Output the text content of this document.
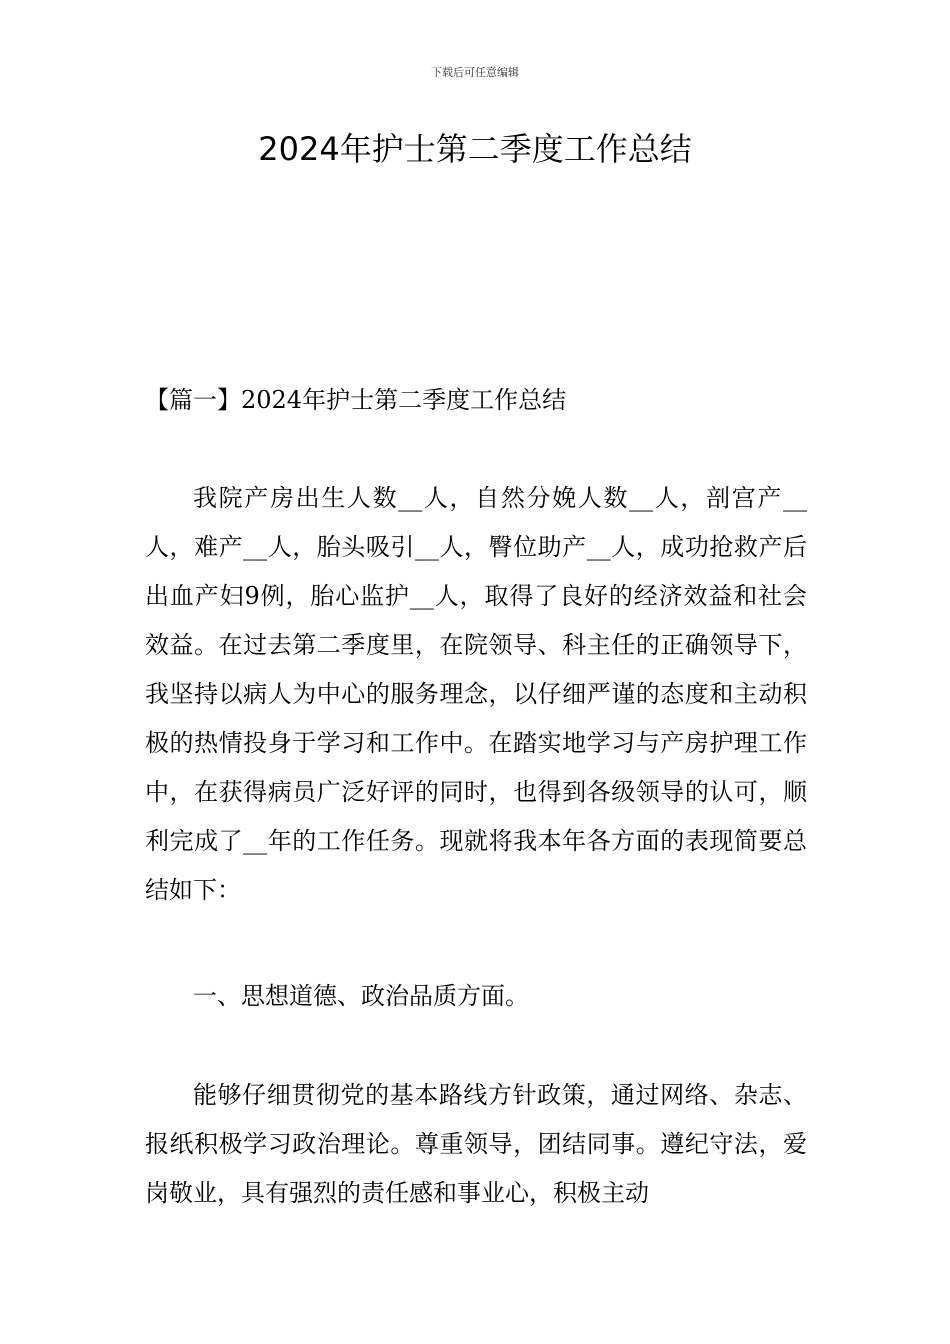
下载后可任意编辑
2024年护士第二季度工作总结

【篇一】2024年护士第二季度工作总结

我院产房出生人数__人，自然分娩人数__人，剖宫产__人，难产__人，胎头吸引__人，臀位助产__人，成功抢救产后出血产妇9例，胎心监护__人，取得了良好的经济效益和社会效益。在过去第二季度里，在院领导、科主任的正确领导下，我坚持以病人为中心的服务理念，以仔细严谨的态度和主动积极的热情投身于学习和工作中。在踏实地学习与产房护理工作中，在获得病员广泛好评的同时，也得到各级领导的认可，顺利完成了__年的工作任务。现就将我本年各方面的表现简要总结如下：

一、思想道德、政治品质方面。

能够仔细贯彻党的基本路线方针政策，通过网络、杂志、报纸积极学习政治理论。尊重领导，团结同事。遵纪守法，爱岗敬业，具有强烈的责任感和事业心，积极主动
